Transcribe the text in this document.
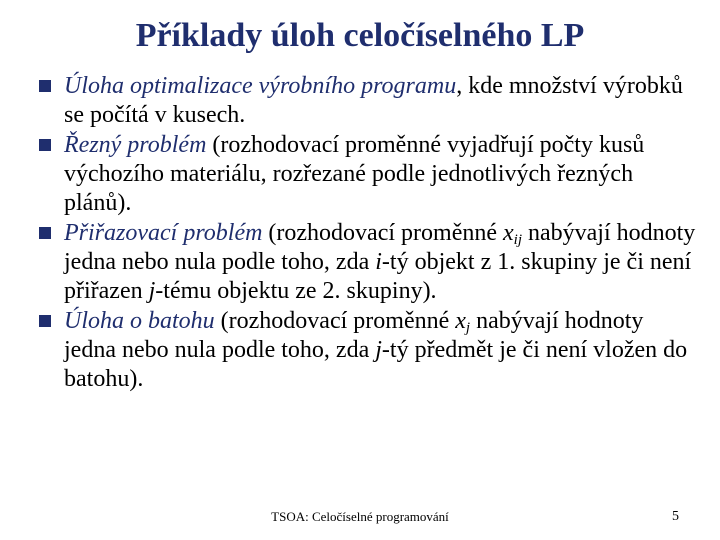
Příklady úloh celočíselného LP
Úloha optimalizace výrobního programu, kde množství výrobků se počítá v kusech.
Řezný problém (rozhodovací proměnné vyjadřují počty kusů výchozího materiálu, rozřezané podle jednotlivých řezných plánů).
Přiřazovací problém (rozhodovací proměnné $x_{ij}$ nabývají hodnoty jedna nebo nula podle toho, zda i-tý objekt z 1. skupiny je či není přiřazen j-tému objektu ze 2. skupiny).
Úloha o batohu (rozhodovací proměnné $x_j$ nabývají hodnoty jedna nebo nula podle toho, zda j-tý předmět je či není vložen do batohu).
TSOA: Celočíselné programování	5
